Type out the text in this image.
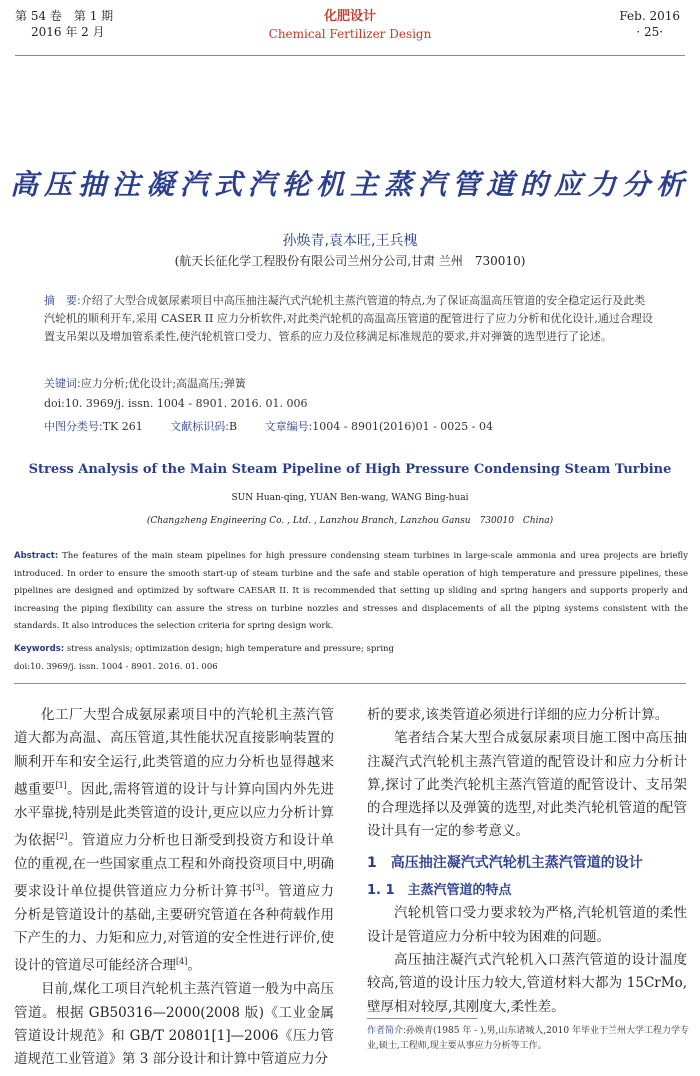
第 54 卷　第 1 期
2016 年 2 月
化肥设计
Chemical Fertilizer Design
Feb. 2016
· 25·
高压抽注凝汽式汽轮机主蒸汽管道的应力分析
孙焕青,袁本旺,王兵槐
(航天长征化学工程股份有限公司兰州分公司,甘肃 兰州　730010)
摘　要:介绍了大型合成氨尿素项目中高压抽注凝汽式汽轮机主蒸汽管道的特点,为了保证高温高压管道的安全稳定运行及此类汽轮机的顺利开车,采用 CASER II 应力分析软件,对此类汽轮机的高温高压管道的配管进行了应力分析和优化设计,通过合理设置支吊架以及增加管系柔性,使汽轮机管口受力、管系的应力及位移满足标准规范的要求,并对弹簧的选型进行了论述。
关键词:应力分析;优化设计;高温高压;弹簧
doi:10. 3969/j. issn. 1004 - 8901. 2016. 01. 006
中图分类号:TK 261	文献标识码:B	文章编号:1004 - 8901(2016)01 - 0025 - 04
Stress Analysis of the Main Steam Pipeline of High Pressure Condensing Steam Turbine
SUN Huan-qing, YUAN Ben-wang, WANG Bing-huai
(Changzheng Engineering Co. , Ltd. , Lanzhou Branch, Lanzhou Gansu　730010　China)
Abstract: The features of the main steam pipelines for high pressure condensing steam turbines in large-scale ammonia and urea projects are briefly introduced. In order to ensure the smooth start-up of steam turbine and the safe and stable operation of high temperature and pressure pipelines, these pipelines are designed and optimized by software CAESAR II. It is recommended that setting up sliding and spring hangers and supports properly and increasing the piping flexibility can assure the stress on turbine nozzles and stresses and displacements of all the piping systems consistent with the standards. It also introduces the selection criteria for spring design work.
Keywords: stress analysis; optimization design; high temperature and pressure; spring
doi:10. 3969/j. issn. 1004 - 8901. 2016. 01. 006

化工厂大型合成氨尿素项目中的汽轮机主蒸汽管道大都为高温、高压管道,其性能状况直接影响装置的顺利开车和安全运行,此类管道的应力分析也显得越来越重要[1]。因此,需将管道的设计与计算向国内外先进水平靠拢,特别是此类管道的设计,更应以应力分析计算为依据[2]。管道应力分析也日渐受到投资方和设计单位的重视,在一些国家重点工程和外商投资项目中,明确要求设计单位提供管道应力分析计算书[3]。管道应力分析是管道设计的基础,主要研究管道在各种荷载作用下产生的力、力矩和应力,对管道的安全性进行评价,使设计的管道尽可能经济合理[4]。

目前,煤化工项目汽轮机主蒸汽管道一般为中高压管道。根据 GB50316—2000(2008 版)《工业金属管道设计规范》和 GB/T 20801[1]—2006《压力管道规范工业管道》第 3 部分设计和计算中管道应力分

析的要求,该类管道必须进行详细的应力分析计算。

笔者结合某大型合成氨尿素项目施工图中高压抽注凝汽式汽轮机主蒸汽管道的配管设计和应力分析计算,探讨了此类汽轮机主蒸汽管道的配管设计、支吊架的合理选择以及弹簧的选型,对此类汽轮机管道的配管设计具有一定的参考意义。

1　高压抽注凝汽式汽轮机主蒸汽管道的设计
1. 1　主蒸汽管道的特点

汽轮机管口受力要求较为严格,汽轮机管道的柔性设计是管道应力分析中较为困难的问题。

高压抽注凝汽式汽轮机入口蒸汽管道的设计温度较高,管道的设计压力较大,管道材料大都为 15CrMo,壁厚相对较厚,其刚度大,柔性差。

作者简介:孙焕青(1985 年 - ),男,山东诸城人,2010 年毕业于兰州大学工程力学专业,硕士,工程师,现主要从事应力分析等工作。
